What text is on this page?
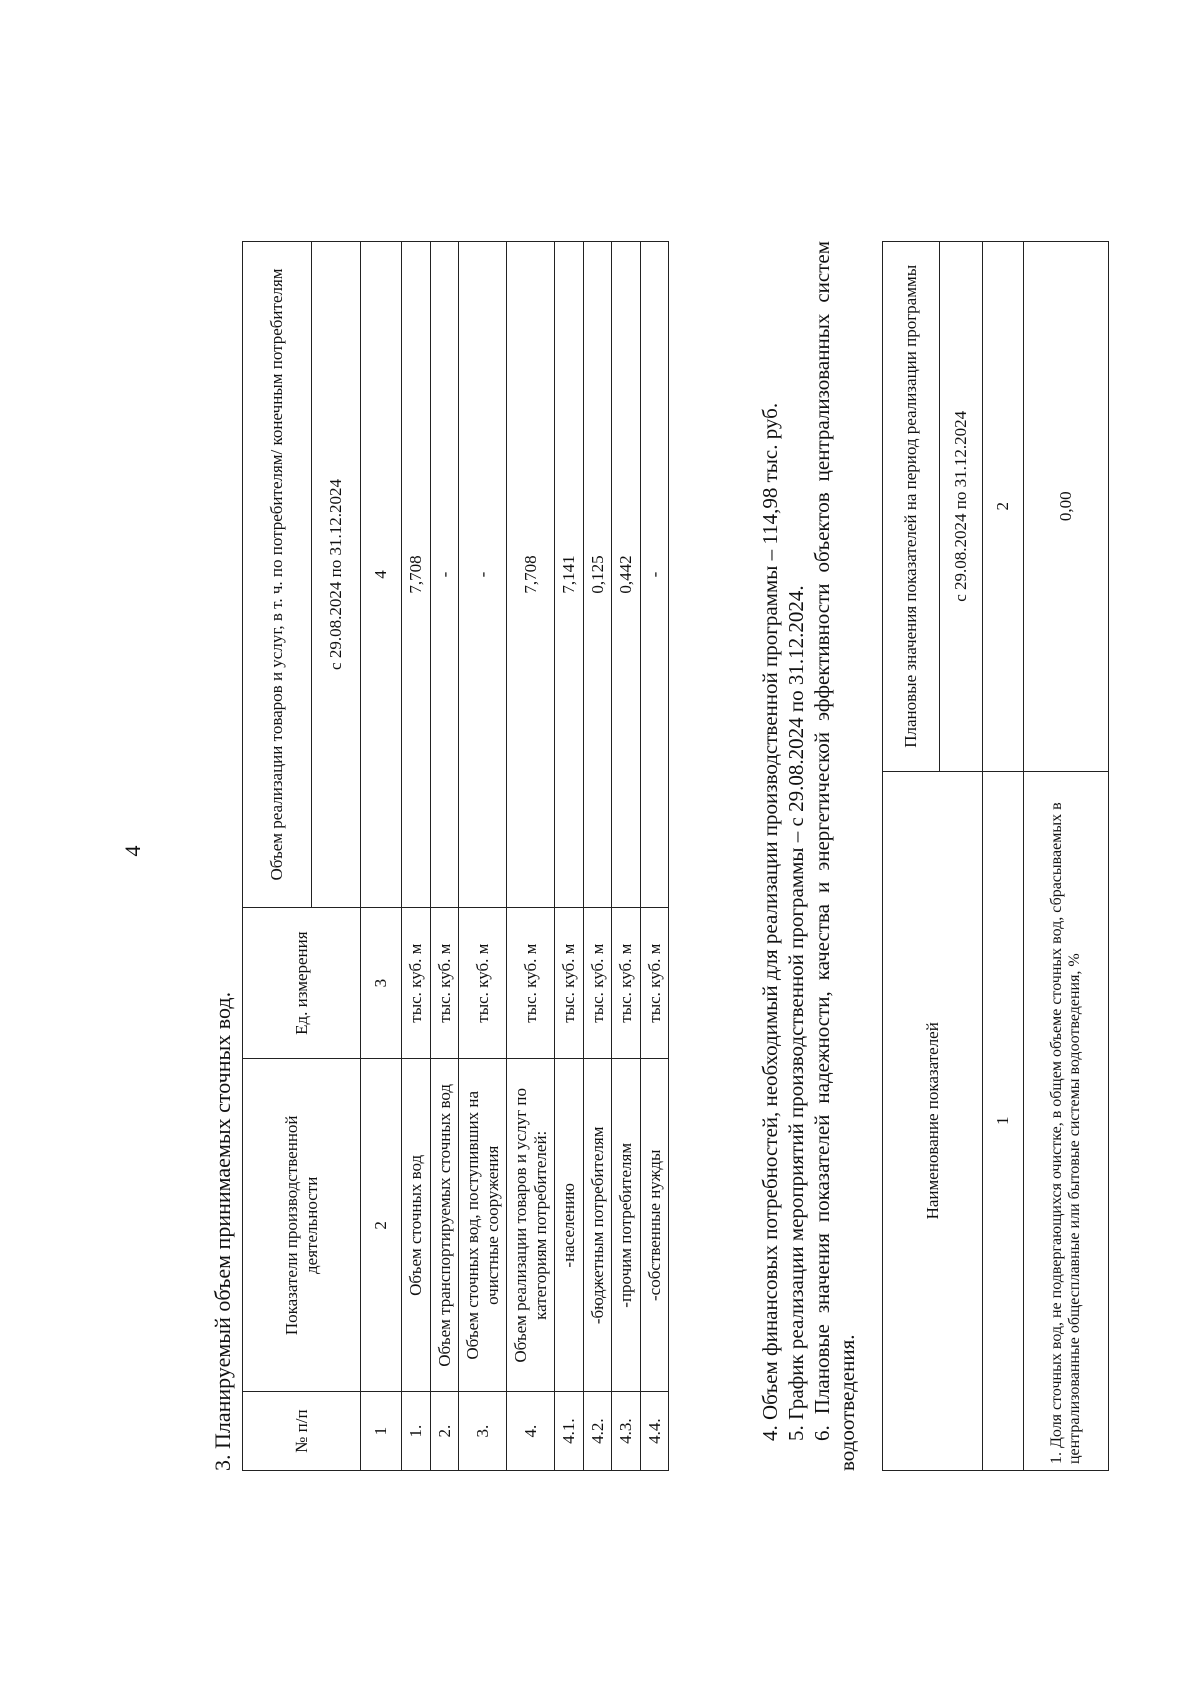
4
3. Планируемый объем принимаемых сточных вод.	№ п/п	Показатели производственной деятельности	Ед. измерения	Объем реализации товаров и услуг, в т. ч. по потребителям/ конечным потребителям
			с 29.08.2024 по 31.12.2024
1	2	3	4
1.	Объем сточных вод	тыс. куб. м	7,708
2.	Объем транспортируемых сточных вод	тыс. куб. м	-
3.	Объем сточных вод, поступивших на очистные сооружения	тыс. куб. м	-
4.	Объем реализации товаров и услуг по категориям потребителей:	тыс. куб. м	7,708
4.1.	-населению	тыс. куб. м	7,141
4.2.	-бюджетным потребителям	тыс. куб. м	0,125
4.3.	-прочим потребителям	тыс. куб. м	0,442
4.4.	-собственные нужды	тыс. куб. м	-	4. Объем финансовых потребностей, необходимый для реализации производственной программы – 114,98 тыс. руб. 5. График реализации мероприятий производственной программы – с 29.08.2024 по 31.12.2024. 6. Плановые значения показателей надежности, качества и энергетической эффективности объектов централизованных систем водоотведения.
Наименование показателей	Плановые значения показателей на период реализации программы
	с 29.08.2024 по 31.12.2024
1	2
1. Доля сточных вод, не подвергающихся очистке, в общем объеме сточных вод, сбрасываемых в централизованные общесплавные или бытовые системы водоотведения, %	0,00
